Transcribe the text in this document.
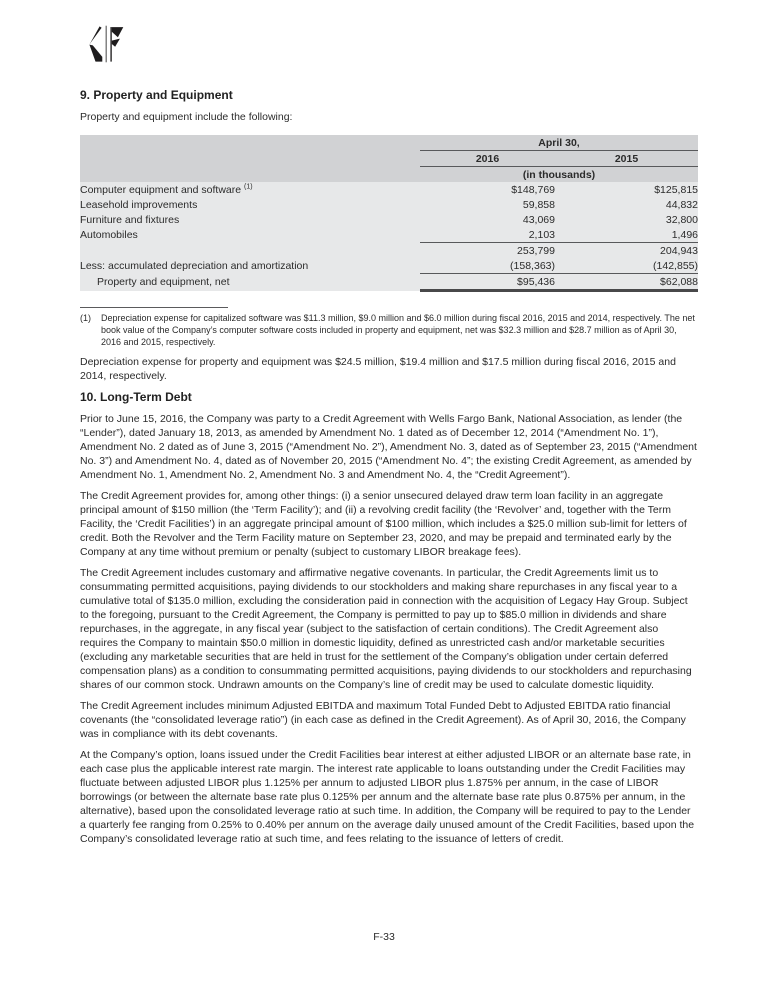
9. Property and Equipment

Property and equipment include the following:

	April 30,	
	2016	2015
	(in thousands)	
Computer equipment and software $^{(1)}$	$148,769	$125,815
Leasehold improvements	59,858	44,832
Furniture and fixtures	43,069	32,800
Automobiles	2,103	1,496
	253,799	204,943
Less: accumulated depreciation and amortization	(158,363)	(142,855)
Property and equipment, net	$95,436	$62,088
(1)	Depreciation expense for capitalized software was $11.3 million, $9.0 million and $6.0 million during fiscal 2016, 2015 and 2014, respectively. The net book value of the Company’s computer software costs included in property and equipment, net was $32.3 million and $28.7 million as of April 30, 2016 and 2015, respectively.

Depreciation expense for property and equipment was $24.5 million, $19.4 million and $17.5 million during fiscal 2016, 2015 and 2014, respectively.

10. Long-Term Debt

Prior to June 15, 2016, the Company was party to a Credit Agreement with Wells Fargo Bank, National Association, as lender (the “Lender”), dated January 18, 2013, as amended by Amendment No. 1 dated as of December 12, 2014 (“Amendment No. 1”), Amendment No. 2 dated as of June 3, 2015 (“Amendment No. 2”), Amendment No. 3, dated as of September 23, 2015 (“Amendment No. 3”) and Amendment No. 4, dated as of November 20, 2015 (“Amendment No. 4”; the existing Credit Agreement, as amended by Amendment No. 1, Amendment No. 2, Amendment No. 3 and Amendment No. 4, the “Credit Agreement”).

The Credit Agreement provides for, among other things: (i) a senior unsecured delayed draw term loan facility in an aggregate principal amount of $150 million (the ‘Term Facility’); and (ii) a revolving credit facility (the ‘Revolver’ and, together with the Term Facility, the ‘Credit Facilities’) in an aggregate principal amount of $100 million, which includes a $25.0 million sub-limit for letters of credit. Both the Revolver and the Term Facility mature on September 23, 2020, and may be prepaid and terminated early by the Company at any time without premium or penalty (subject to customary LIBOR breakage fees).

The Credit Agreement includes customary and affirmative negative covenants. In particular, the Credit Agreements limit us to consummating permitted acquisitions, paying dividends to our stockholders and making share repurchases in any fiscal year to a cumulative total of $135.0 million, excluding the consideration paid in connection with the acquisition of Legacy Hay Group. Subject to the foregoing, pursuant to the Credit Agreement, the Company is permitted to pay up to $85.0 million in dividends and share repurchases, in the aggregate, in any fiscal year (subject to the satisfaction of certain conditions). The Credit Agreement also requires the Company to maintain $50.0 million in domestic liquidity, defined as unrestricted cash and/or marketable securities (excluding any marketable securities that are held in trust for the settlement of the Company’s obligation under certain deferred compensation plans) as a condition to consummating permitted acquisitions, paying dividends to our stockholders and repurchasing shares of our common stock. Undrawn amounts on the Company’s line of credit may be used to calculate domestic liquidity.

The Credit Agreement includes minimum Adjusted EBITDA and maximum Total Funded Debt to Adjusted EBITDA ratio financial covenants (the “consolidated leverage ratio”) (in each case as defined in the Credit Agreement). As of April 30, 2016, the Company was in compliance with its debt covenants.

At the Company’s option, loans issued under the Credit Facilities bear interest at either adjusted LIBOR or an alternate base rate, in each case plus the applicable interest rate margin. The interest rate applicable to loans outstanding under the Credit Facilities may fluctuate between adjusted LIBOR plus 1.125% per annum to adjusted LIBOR plus 1.875% per annum, in the case of LIBOR borrowings (or between the alternate base rate plus 0.125% per annum and the alternate base rate plus 0.875% per annum, in the alternative), based upon the consolidated leverage ratio at such time. In addition, the Company will be required to pay to the Lender a quarterly fee ranging from 0.25% to 0.40% per annum on the average daily unused amount of the Credit Facilities, based upon the Company’s consolidated leverage ratio at such time, and fees relating to the issuance of letters of credit.

F-33
